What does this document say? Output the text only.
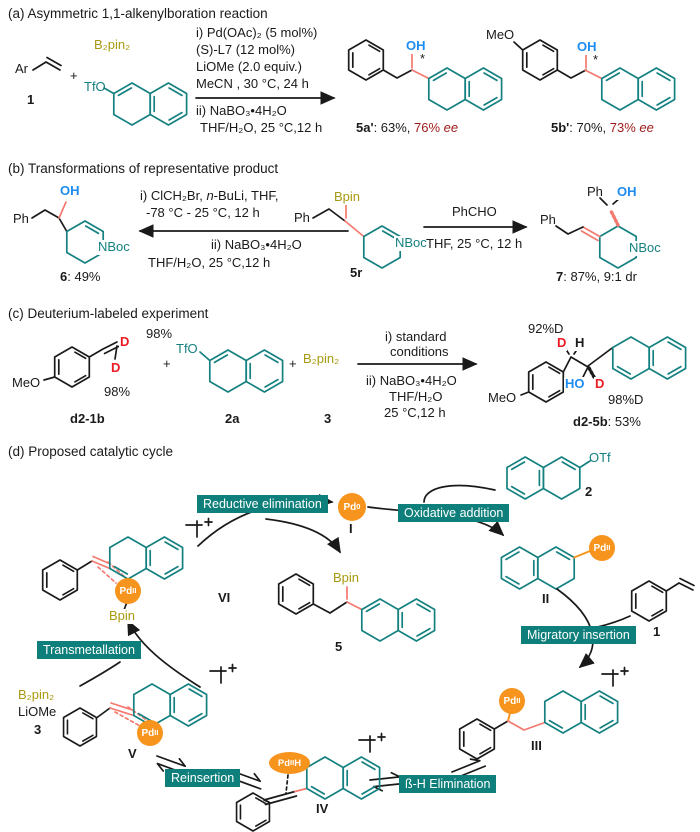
(a) Asymmetric 1,1-alkenylboration reaction
B₂pin₂
Ar
1
+
TfO
i) Pd(OAc)₂ (5 mol%)
(S)-L7 (12 mol%)
LiOMe (2.0 equiv.)
MeCN , 30 °C, 24 h
ii) NaBO₃•4H₂O
THF/H₂O, 25 °C,12 h
OH
*
5a': 63%, 76% ee
MeO
OH
*
5b': 70%, 73% ee
(b) Transformations of representative product
OH
Ph
NBoc
6: 49%
i) ClCH₂Br, n-BuLi, THF,
-78 °C - 25 °C, 12 h
ii) NaBO₃•4H₂O
THF/H₂O, 25 °C,12 h
Ph
Bpin
NBoc
5r
PhCHO
THF, 25 °C, 12 h
Ph OH
Ph
NBoc
7: 87%, 9:1 dr
(c) Deuterium-labeled experiment
MeO
D
D
98%
98%
d2-1b
+
TfO
2a
+ B₂pin₂
3
i) standard
conditions
ii) NaBO₃•4H₂O
THF/H₂O
25 °C,12 h
92%D
D H
MeO
HO D
98%D
d2-5b: 53%
(d) Proposed catalytic cycle
Reductive elimination
Oxidative addition
Migratory insertion
ß-H Elimination
Reinsertion
Transmetallation
Pd 0
I
OTf
2
Pd II
II
1
Pd II
III
Pd II H
IV
Pd II
V
Pd II
Bpin
VI
Bpin
5
B₂pin₂
LiOMe
3
